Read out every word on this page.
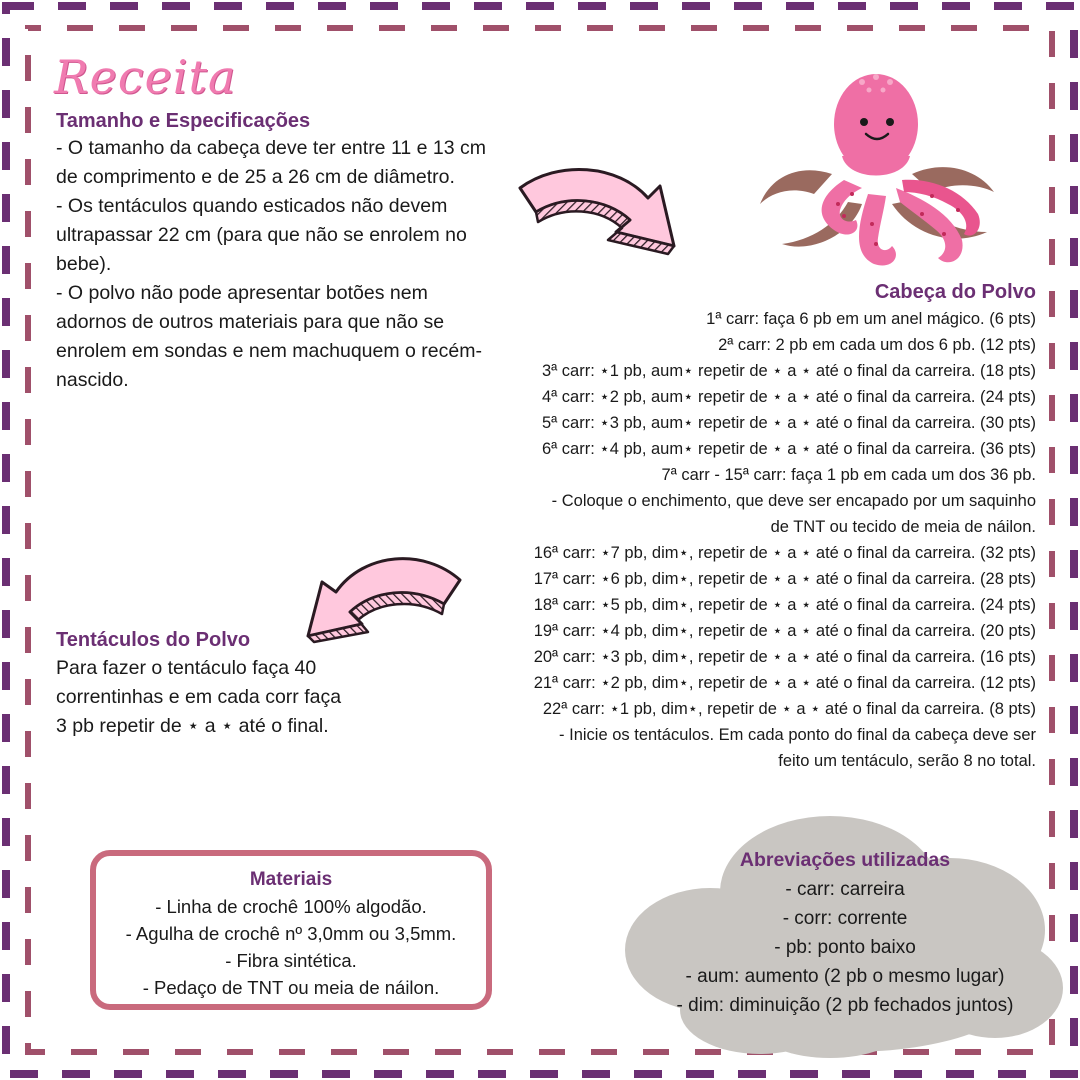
Receita
Tamanho e Especificações

- O tamanho da cabeça deve ter entre 11 e 13 cm de comprimento e de 25 a 26 cm de diâmetro.

- Os tentáculos quando esticados não devem ultrapassar 22 cm (para que não se enrolem no bebe).

- O polvo não pode apresentar botões nem adornos de outros materiais para que não se enrolem em sondas e nem machuquem o recém-nascido.

Cabeça do Polvo

1ª carr: faça 6 pb em um anel mágico. (6 pts)

2ª carr: 2 pb em cada um dos 6 pb. (12 pts)

3ª carr: ⋆1 pb, aum⋆ repetir de ⋆ a ⋆ até o final da carreira. (18 pts)

4ª carr: ⋆2 pb, aum⋆ repetir de ⋆ a ⋆ até o final da carreira. (24 pts)

5ª carr: ⋆3 pb, aum⋆ repetir de ⋆ a ⋆ até o final da carreira. (30 pts)

6ª carr: ⋆4 pb, aum⋆ repetir de ⋆ a ⋆ até o final da carreira. (36 pts)

7ª carr - 15ª carr: faça 1 pb em cada um dos 36 pb.

- Coloque o enchimento, que deve ser encapado por um saquinho

de TNT ou tecido de meia de náilon.

16ª carr: ⋆7 pb, dim⋆, repetir de ⋆ a ⋆ até o final da carreira. (32 pts)

17ª carr: ⋆6 pb, dim⋆, repetir de ⋆ a ⋆ até o final da carreira. (28 pts)

18ª carr: ⋆5 pb, dim⋆, repetir de ⋆ a ⋆ até o final da carreira. (24 pts)

19ª carr: ⋆4 pb, dim⋆, repetir de ⋆ a ⋆ até o final da carreira. (20 pts)

20ª carr: ⋆3 pb, dim⋆, repetir de ⋆ a ⋆ até o final da carreira. (16 pts)

21ª carr: ⋆2 pb, dim⋆, repetir de ⋆ a ⋆ até o final da carreira. (12 pts)

22ª carr: ⋆1 pb, dim⋆, repetir de ⋆ a ⋆ até o final da carreira. (8 pts)

- Inicie os tentáculos. Em cada ponto do final da cabeça deve ser

feito um tentáculo, serão 8 no total.

Tentáculos do Polvo

Para fazer o tentáculo faça 40

correntinhas e em cada corr faça

3 pb repetir de ⋆ a ⋆ até o final.

Materiais

- Linha de crochê 100% algodão.

- Agulha de crochê nº 3,0mm ou 3,5mm.

- Fibra sintética.

- Pedaço de TNT ou meia de náilon.

Abreviações utilizadas

- carr: carreira

- corr: corrente

- pb: ponto baixo

- aum: aumento (2 pb o mesmo lugar)

- dim: diminuição (2 pb fechados juntos)
